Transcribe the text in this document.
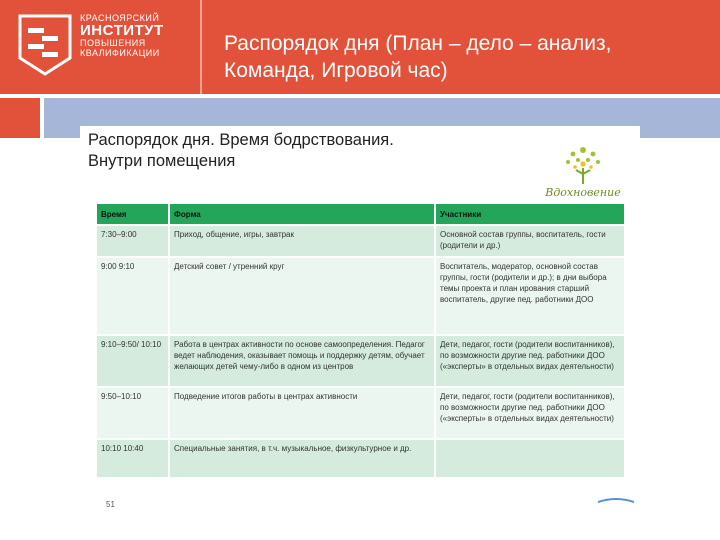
КРАСНОЯРСКИЙ
ИНСТИТУТ
ПОВЫШЕНИЯ
КВАЛИФИКАЦИИ	Распорядок дня (План – дело – анализ, Команда, Игровой час)
Распорядок дня. Время бодрствования.
Внутри помещения
Вдохновение
Время	Форма	Участники
7:30–9:00	Приход, общение, игры, завтрак	Основной состав группы, воспитатель, гости (родители и др.)
9:00 9:10	Детский совет / утренний круг	Воспитатель, модератор, основной состав группы, гости (родители и др.); в дни выбора темы проекта и план ирования старший воспитатель, другие пед. работники ДОО
9:10–9:50/ 10:10	Работа в центрах активности по основе самоопределения. Педагог ведет наблюдения, оказывает помощь и поддержку детям, обучает желающих детей чему-либо в одном из центров	Дети, педагог, гости (родители воспитанников), по возможности другие пед. работники ДОО («эксперты» в отдельных видах деятельности)
9:50–10:10	Подведение итогов работы в центрах активности	Дети, педагог, гости (родители воспитанников), по возможности другие пед. работники ДОО («эксперты» в отдельных видах деятельности)
10:10 10:40	Специальные занятия, в т.ч. музыкальное, физкультурное и др.	
51
